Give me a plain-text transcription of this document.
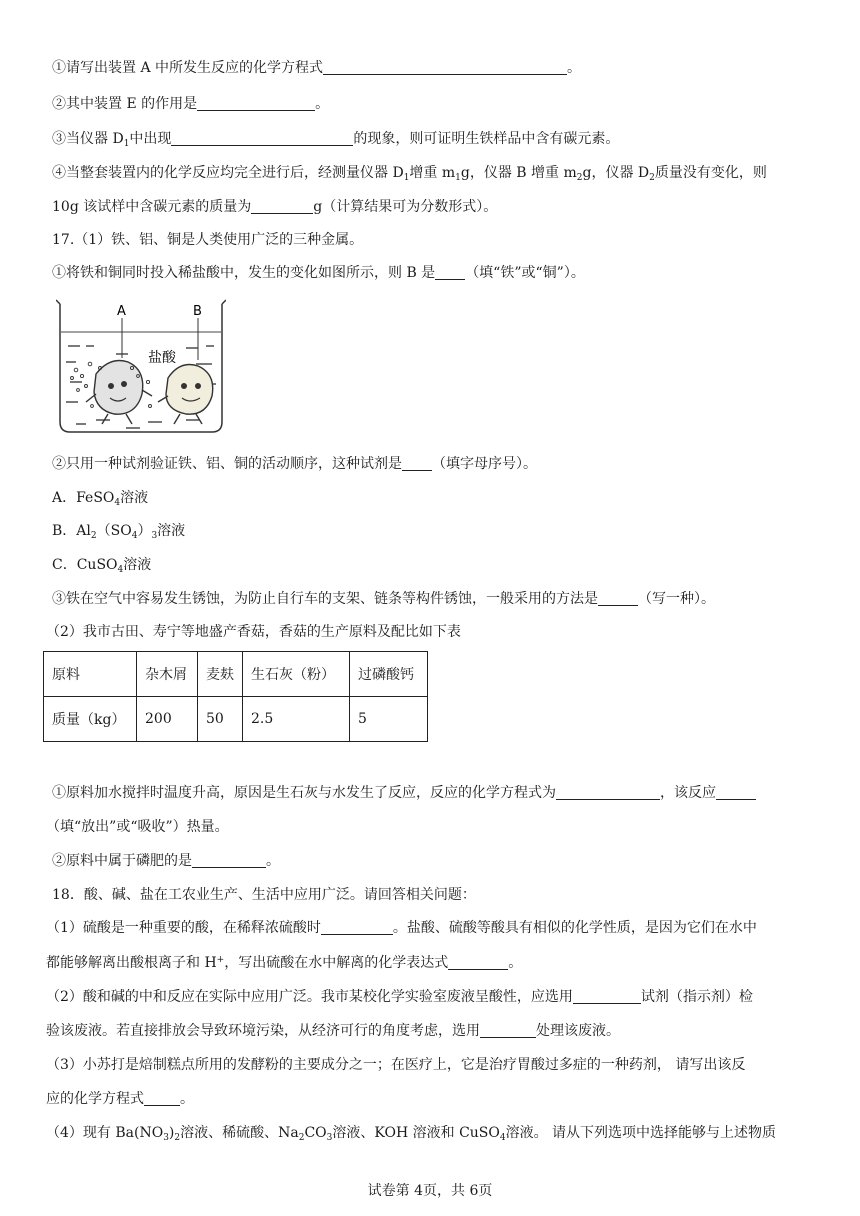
①请写出装置 A 中所发生反应的化学方程式	。
②其中装置 E 的作用是	。
③当仪器 $D_1$中出现	的现象，则可证明生铁样品中含有碳元素。
④当整套装置内的化学反应均完全进行后，经测量仪器 $D_1$增重 $m_1g$，仪器 B 增重 $m_2g$，仪器 $D_2$质量没有变化，则
10g 该试样中含碳元素的质量为	g（计算结果可为分数形式）。
17.（1）铁、铝、铜是人类使用广泛的三种金属。
①将铁和铜同时投入稀盐酸中，发生的变化如图所示，则 B 是 （填“铁”或“铜”）。
A	B
盐酸
②只用一种试剂验证铁、铝、铜的活动顺序，这种试剂是 （填字母序号）。
A．FeSO$_4$溶液
B．$Al_2(SO_4)_3$溶液
C．CuSO$_4$溶液
③铁在空气中容易发生锈蚀，为防止自行车的支架、链条等构件锈蚀，一般采用的方法是	（写一种）。
（2）我市古田、寿宁等地盛产香菇，香菇的生产原料及配比如下表
原料	杂木屑	麦麸	生石灰（粉）	过磷酸钙
质量（kg）	200	50	2.5	5
①原料加水搅拌时温度升高，原因是生石灰与水发生了反应，反应的化学方程式为	，该反应
（填“放出”或“吸收”）热量。
②原料中属于磷肥的是	。
18．酸、碱、盐在工农业生产、生活中应用广泛。请回答相关问题：
（1）硫酸是一种重要的酸，在稀释浓硫酸时	。盐酸、硫酸等酸具有相似的化学性质，是因为它们在水中
都能够解离出酸根离子和 H+，写出硫酸在水中解离的化学表达式	。
（2）酸和碱的中和反应在实际中应用广泛。我市某校化学实验室废液呈酸性，应选用	试剂（指示剂）检
验该废液。若直接排放会导致环境污染，从经济可行的角度考虑，选用	处理该废液。
（3）小苏打是焙制糕点所用的发酵粉的主要成分之一；在医疗上，它是治疗胃酸过多症的一种药剂， 请写出该反
应的化学方程式	。
（4）现有 $Ba(NO_3)_2$溶液、稀硫酸、$Na_2CO_3$溶液、KOH 溶液和 CuSO$_4$溶液。 请从下列选项中选择能够与上述物质
试卷第 4页，共 6页
